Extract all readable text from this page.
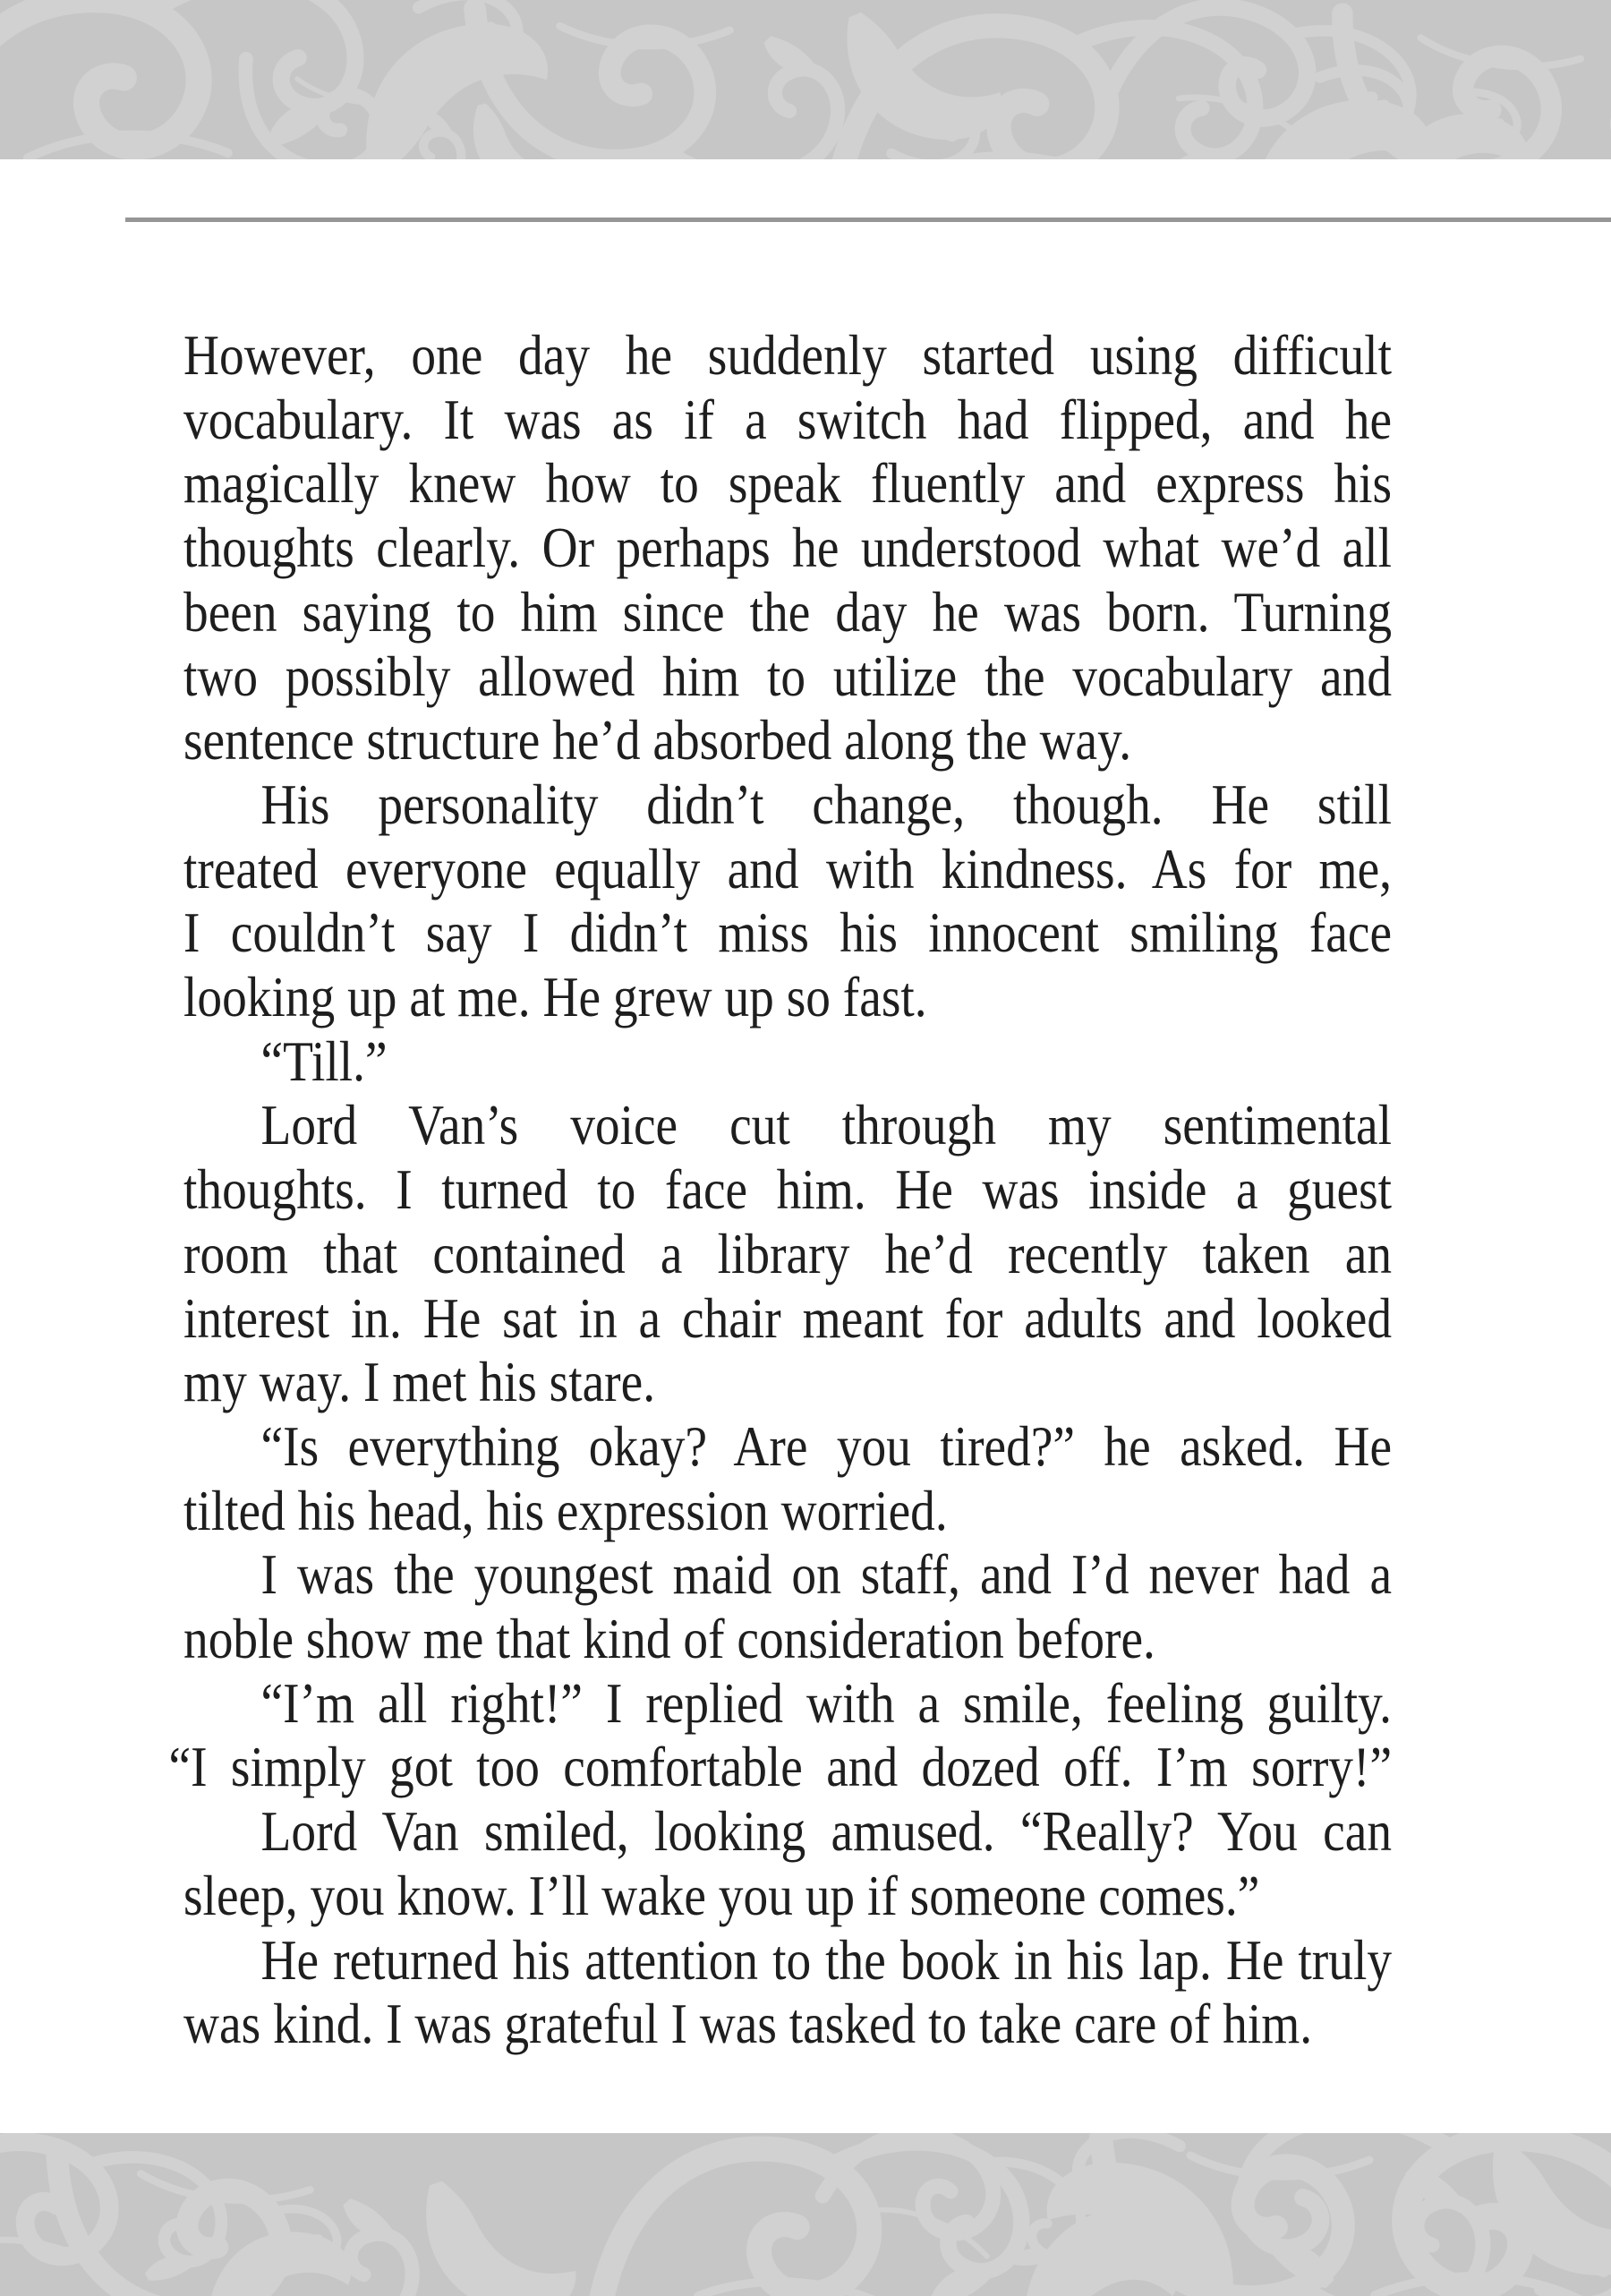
However, one day he suddenly started using difficult
vocabulary. It was as if a switch had flipped, and he
magically knew how to speak fluently and express his
thoughts clearly. Or perhaps he understood what we’d all
been saying to him since the day he was born. Turning
two possibly allowed him to utilize the vocabulary and
sentence structure he’d absorbed along the way.
His personality didn’t change, though. He still
treated everyone equally and with kindness. As for me,
I couldn’t say I didn’t miss his innocent smiling face
looking up at me. He grew up so fast.
“Till.”
Lord Van’s voice cut through my sentimental
thoughts. I turned to face him. He was inside a guest
room that contained a library he’d recently taken an
interest in. He sat in a chair meant for adults and looked
my way. I met his stare.
“Is everything okay? Are you tired?” he asked. He
tilted his head, his expression worried.
I was the youngest maid on staff, and I’d never had a
noble show me that kind of consideration before.
“I’m all right!” I replied with a smile, feeling guilty.
“I simply got too comfortable and dozed off. I’m sorry!”
Lord Van smiled, looking amused. “Really? You can
sleep, you know. I’ll wake you up if someone comes.”
He returned his attention to the book in his lap. He truly
was kind. I was grateful I was tasked to take care of him.
